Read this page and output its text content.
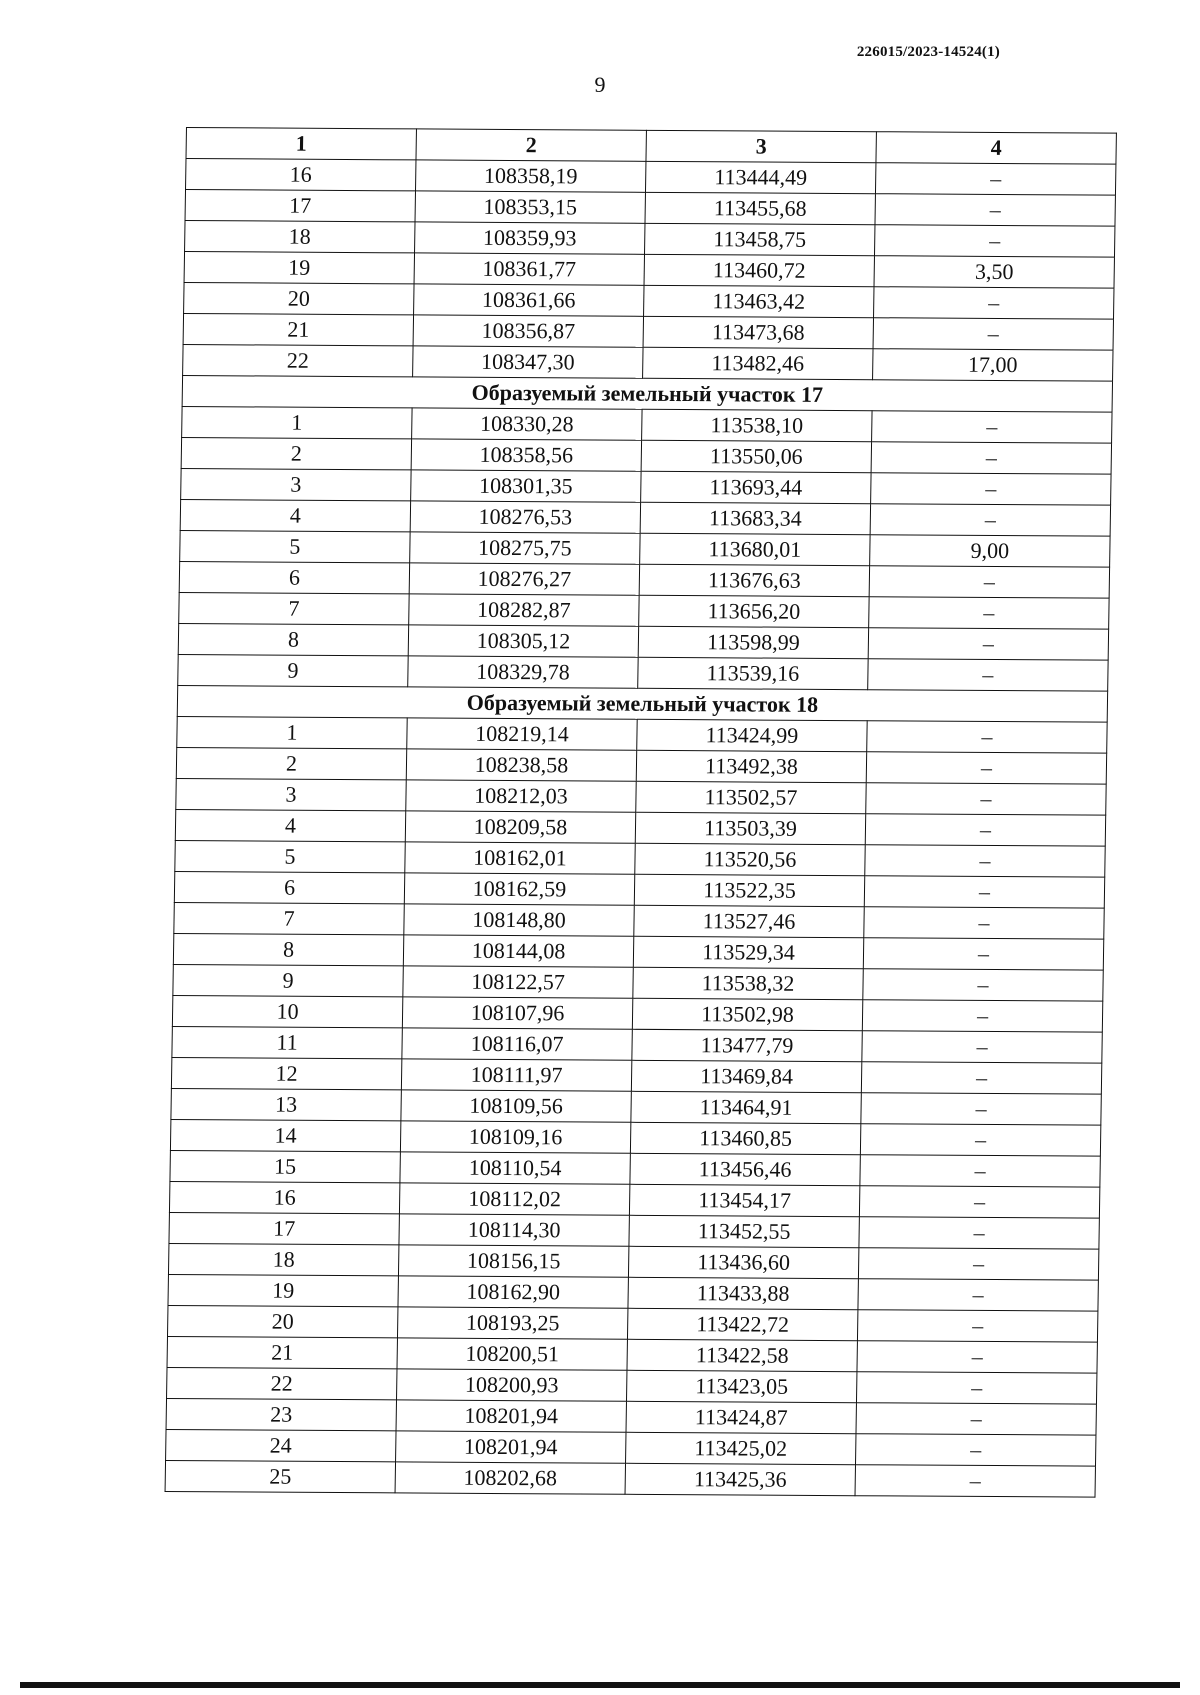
226015/2023-14524(1)
9
1	2	3	4
16	108358,19	113444,49	–
17	108353,15	113455,68	–
18	108359,93	113458,75	–
19	108361,77	113460,72	3,50
20	108361,66	113463,42	–
21	108356,87	113473,68	–
22	108347,30	113482,46	17,00
Образуемый земельный участок 17			
1	108330,28	113538,10	–
2	108358,56	113550,06	–
3	108301,35	113693,44	–
4	108276,53	113683,34	–
5	108275,75	113680,01	9,00
6	108276,27	113676,63	–
7	108282,87	113656,20	–
8	108305,12	113598,99	–
9	108329,78	113539,16	–
Образуемый земельный участок 18			
1	108219,14	113424,99	–
2	108238,58	113492,38	–
3	108212,03	113502,57	–
4	108209,58	113503,39	–
5	108162,01	113520,56	–
6	108162,59	113522,35	–
7	108148,80	113527,46	–
8	108144,08	113529,34	–
9	108122,57	113538,32	–
10	108107,96	113502,98	–
11	108116,07	113477,79	–
12	108111,97	113469,84	–
13	108109,56	113464,91	–
14	108109,16	113460,85	–
15	108110,54	113456,46	–
16	108112,02	113454,17	–
17	108114,30	113452,55	–
18	108156,15	113436,60	–
19	108162,90	113433,88	–
20	108193,25	113422,72	–
21	108200,51	113422,58	–
22	108200,93	113423,05	–
23	108201,94	113424,87	–
24	108201,94	113425,02	–
25	108202,68	113425,36	–
